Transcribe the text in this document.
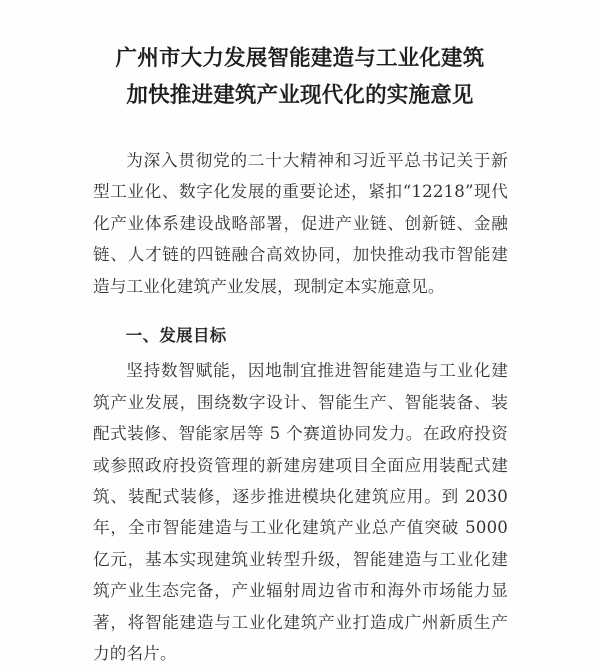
广州市大力发展智能建造与工业化建筑
加快推进建筑产业现代化的实施意见

为深入贯彻党的二十大精神和习近平总书记关于新型工业化、数字化发展的重要论述，紧扣“12218”现代化产业体系建设战略部署，促进产业链、创新链、金融链、人才链的四链融合高效协同，加快推动我市智能建造与工业化建筑产业发展，现制定本实施意见。

一、发展目标

坚持数智赋能，因地制宜推进智能建造与工业化建筑产业发展，围绕数字设计、智能生产、智能装备、装配式装修、智能家居等 5 个赛道协同发力。在政府投资或参照政府投资管理的新建房建项目全面应用装配式建筑、装配式装修，逐步推进模块化建筑应用。到 2030 年，全市智能建造与工业化建筑产业总产值突破 5000 亿元，基本实现建筑业转型升级，智能建造与工业化建筑产业生态完备，产业辐射周边省市和海外市场能力显著，将智能建造与工业化建筑产业打造成广州新质生产力的名片。
